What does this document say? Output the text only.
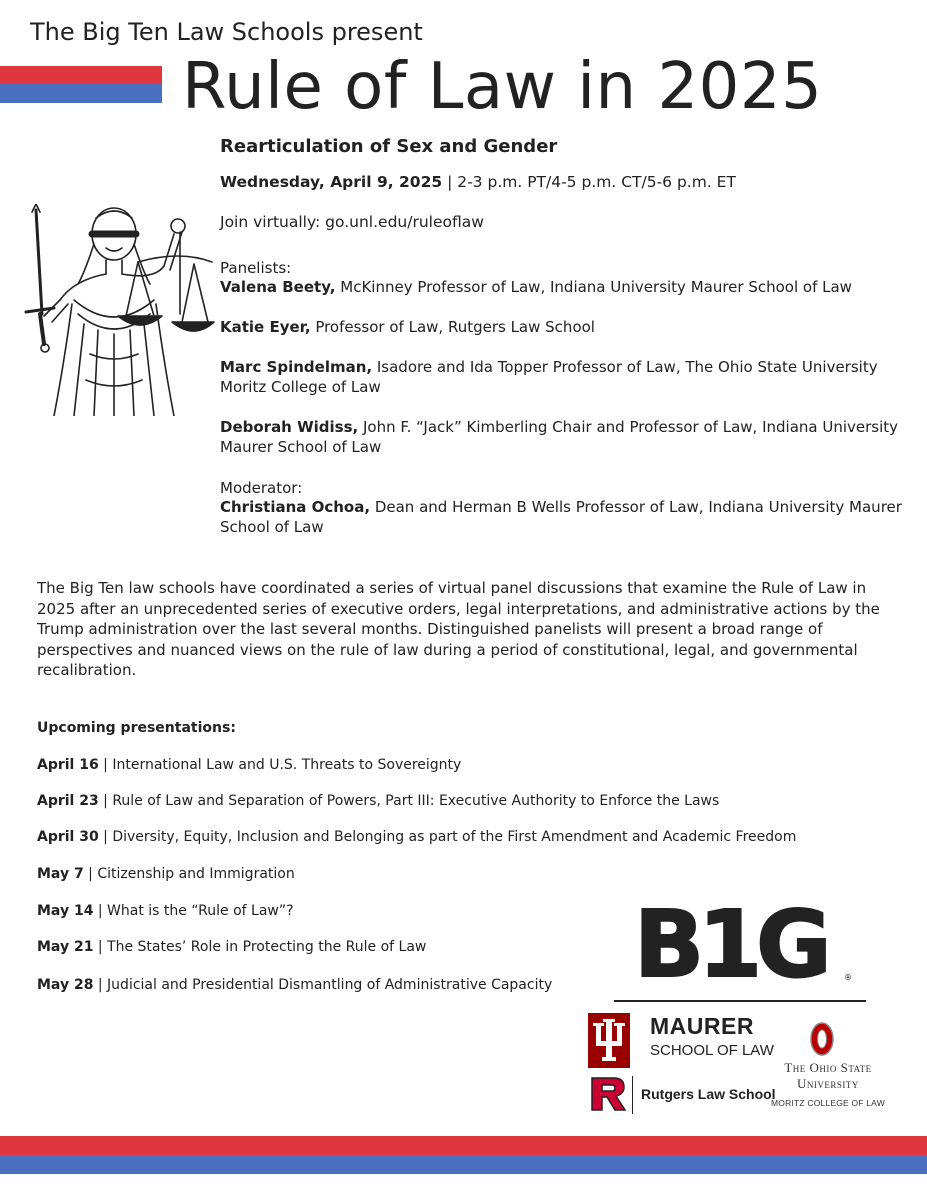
The Big Ten Law Schools present
Rule of Law in 2025
Rearticulation of Sex and Gender
Wednesday, April 9, 2025 | 2-3 p.m. PT/4-5 p.m. CT/5-6 p.m. ET
Join virtually: go.unl.edu/ruleoflaw
Panelists:
Valena Beety, McKinney Professor of Law, Indiana University Maurer School of Law
Katie Eyer, Professor of Law, Rutgers Law School
Marc Spindelman, Isadore and Ida Topper Professor of Law, The Ohio State University Moritz College of Law
Deborah Widiss, John F. “Jack” Kimberling Chair and Professor of Law, Indiana University Maurer School of Law
Moderator:
Christiana Ochoa, Dean and Herman B Wells Professor of Law, Indiana University Maurer School of Law
The Big Ten law schools have coordinated a series of virtual panel discussions that examine the Rule of Law in 2025 after an unprecedented series of executive orders, legal interpretations, and administrative actions by the Trump administration over the last several months. Distinguished panelists will present a broad range of perspectives and nuanced views on the rule of law during a period of constitutional, legal, and governmental recalibration.
Upcoming presentations:
April 16 | International Law and U.S. Threats to Sovereignty
April 23 | Rule of Law and Separation of Powers, Part III: Executive Authority to Enforce the Laws
April 30 | Diversity, Equity, Inclusion and Belonging as part of the First Amendment and Academic Freedom
May 7 | Citizenship and Immigration
May 14 | What is the “Rule of Law”?
May 21 | The States’ Role in Protecting the Rule of Law
May 28 | Judicial and Presidential Dismantling of Administrative Capacity B1G ®
MAURER
SCHOOL OF LAW
Rutgers Law School
The Ohio State
University
MORITZ COLLEGE OF LAW
